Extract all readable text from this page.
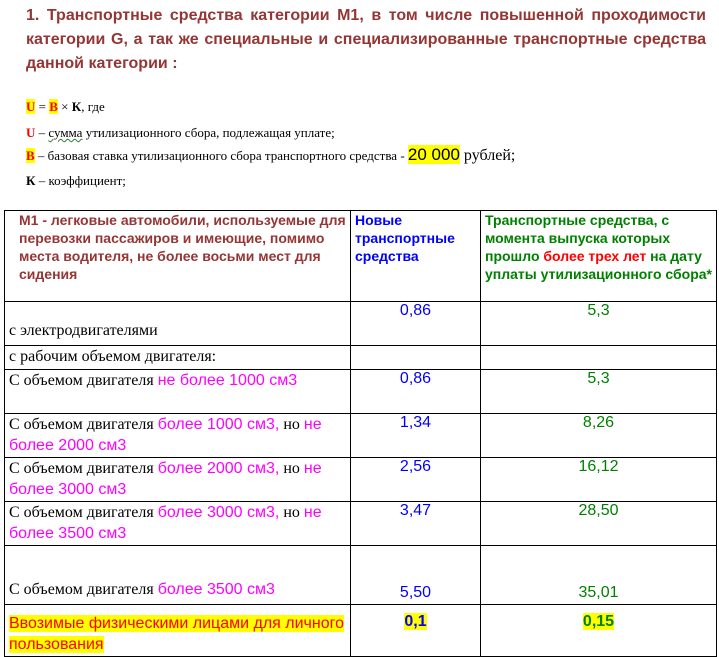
1. Транспортные средства категории М1, в том числе повышенной проходимости категории G, а так же специальные и специализированные транспортные средства данной категории :
U = В × К, где
U – сумма утилизационного сбора, подлежащая уплате;
В – базовая ставка утилизационного сбора транспортного средства - 20 000 рублей;
К – коэффициент;
М1 - легковые автомобили, используемые для перевозки пассажиров и имеющие, помимо места водителя, не более восьми мест для сидения	Новые транспортные средства	Транспортные средства, с момента выпуска которых прошло более трех лет на дату уплаты утилизационного сбора*
с электродвигателями	0,86	5,3
с рабочим объемом двигателя:		
С объемом двигателя не более 1000 см3	0,86	5,3
С объемом двигателя более 1000 см3, но не более 2000 см3	1,34	8,26
С объемом двигателя более 2000 см3, но не более 3000 см3	2,56	16,12
С объемом двигателя более 3000 см3, но не более 3500 см3	3,47	28,50
С объемом двигателя более 3500 см3	5,50	35,01
Ввозимые физическими лицами для личного пользования	0,1	0,15
